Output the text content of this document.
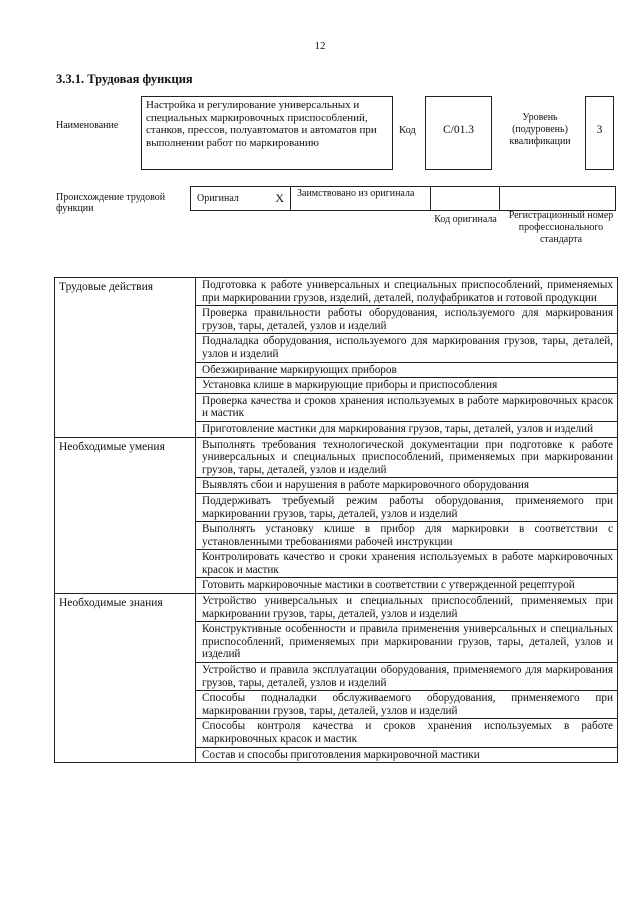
12
3.3.1. Трудовая функция
Наименование
Настройка и регулирование универсальных и специальных маркировочных приспособлений, станков, прессов, полуавтоматов и автоматов при выполнении работ по маркированию
Код	C/01.3
Уровень (подуровень) квалификации
3
Происхождение трудовой функции
Оригинал	X	Заимствовано из оригинала
Код оригинала	Регистрационный номер профессионального стандарта
Трудовые действия	Подготовка к работе универсальных и специальных приспособлений, применяемых при маркировании грузов, изделий, деталей, полуфабрикатов и готовой продукции
	Проверка правильности работы оборудования, используемого для маркирования грузов, тары, деталей, узлов и изделий
	Подналадка оборудования, используемого для маркирования грузов, тары, деталей, узлов и изделий
	Обезжиривание маркирующих приборов
	Установка клише в маркирующие приборы и приспособления
	Проверка качества и сроков хранения используемых в работе маркировочных красок и мастик
	Приготовление мастики для маркирования грузов, тары, деталей, узлов и изделий
Необходимые умения	Выполнять требования технологической документации при подготовке к работе универсальных и специальных приспособлений, применяемых при маркировании грузов, тары, деталей, узлов и изделий
	Выявлять сбои и нарушения в работе маркировочного оборудования
	Поддерживать требуемый режим работы оборудования, применяемого при маркировании грузов, тары, деталей, узлов и изделий
	Выполнять установку клише в прибор для маркировки в соответствии с установленными требованиями рабочей инструкции
	Контролировать качество и сроки хранения используемых в работе маркировочных красок и мастик
	Готовить маркировочные мастики в соответствии с утвержденной рецептурой
Необходимые знания	Устройство универсальных и специальных приспособлений, применяемых при маркировании грузов, тары, деталей, узлов и изделий
	Конструктивные особенности и правила применения универсальных и специальных приспособлений, применяемых при маркировании грузов, тары, деталей, узлов и изделий
	Устройство и правила эксплуатации оборудования, применяемого для маркирования грузов, тары, деталей, узлов и изделий
	Способы подналадки обслуживаемого оборудования, применяемого при маркировании грузов, тары, деталей, узлов и изделий
	Способы контроля качества и сроков хранения используемых в работе маркировочных красок и мастик
	Состав и способы приготовления маркировочной мастики
